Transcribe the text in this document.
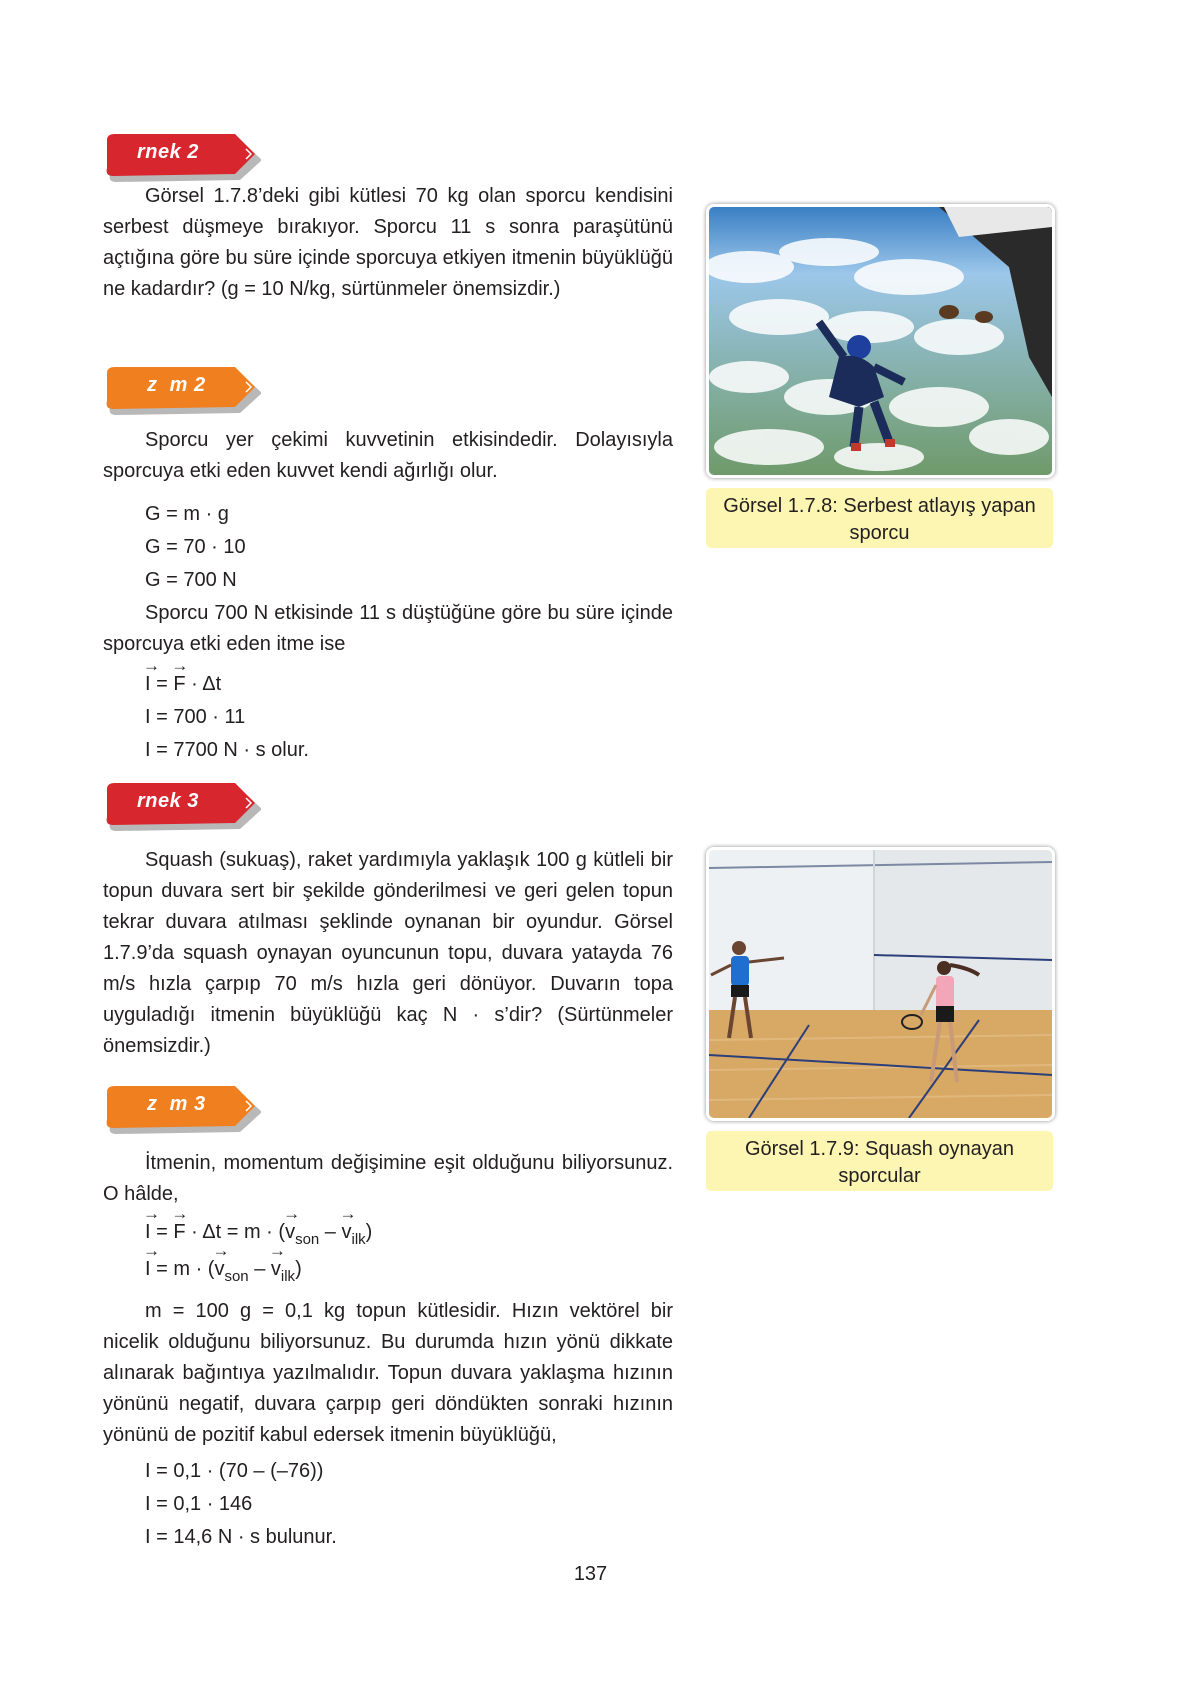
rnek 2

Görsel 1.7.8’deki gibi kütlesi 70 kg olan sporcu kendisini serbest düşmeye bırakıyor. Sporcu 11 s sonra paraşütünü açtığına göre bu süre içinde sporcuya etkiyen itmenin büyüklüğü ne kadardır? (g = 10 N/kg, sürtünmeler önemsizdir.)

z  m 2

Sporcu yer çekimi kuvvetinin etkisindedir. Dolayısıyla sporcuya etki eden kuvvet kendi ağırlığı olur.

G = m · g
G = 70 · 10
G = 700 N

Sporcu 700 N etkisinde 11 s düştüğüne göre bu süre içinde sporcuya etki eden itme ise

→
I =
→
F · Δt
I = 700 · 11
I = 7700 N · s olur.
rnek 3

Squash (sukuaş), raket yardımıyla yaklaşık 100 g kütleli bir topun duvara sert bir şekilde gönderilmesi ve geri gelen topun tekrar duvara atılması şeklinde oynanan bir oyundur. Görsel 1.7.9’da squash oynayan oyuncunun topu, duvara yatayda 76 m/s hızla çarpıp 70 m/s hızla geri dönüyor. Duvarın topa uyguladığı itmenin büyüklüğü kaç N · s’dir? (Sürtünmeler önemsizdir.)

z  m 3

İtmenin, momentum değişimine eşit olduğunu biliyorsunuz. O hâlde,

→
I =
→
F · Δt = m · (
→
$v_{son}$ –
→
$v_{ilk}$)
→
I = m · (
→
$v_{son}$ –
→
$v_{ilk}$)

m = 100 g = 0,1 kg topun kütlesidir. Hızın vektörel bir nicelik olduğunu biliyorsunuz. Bu durumda hızın yönü dikkate alınarak bağıntıya yazılmalıdır. Topun duvara yaklaşma hızının yönünü negatif, duvara çarpıp geri döndükten sonraki hızının yönünü de pozitif kabul edersek itmenin büyüklüğü,

I = 0,1 · (70 – (–76))
I = 0,1 · 146
I = 14,6 N · s bulunur.
Görsel 1.7.8: Serbest atlayış yapan sporcu
Görsel 1.7.9: Squash oynayan sporcular
137
